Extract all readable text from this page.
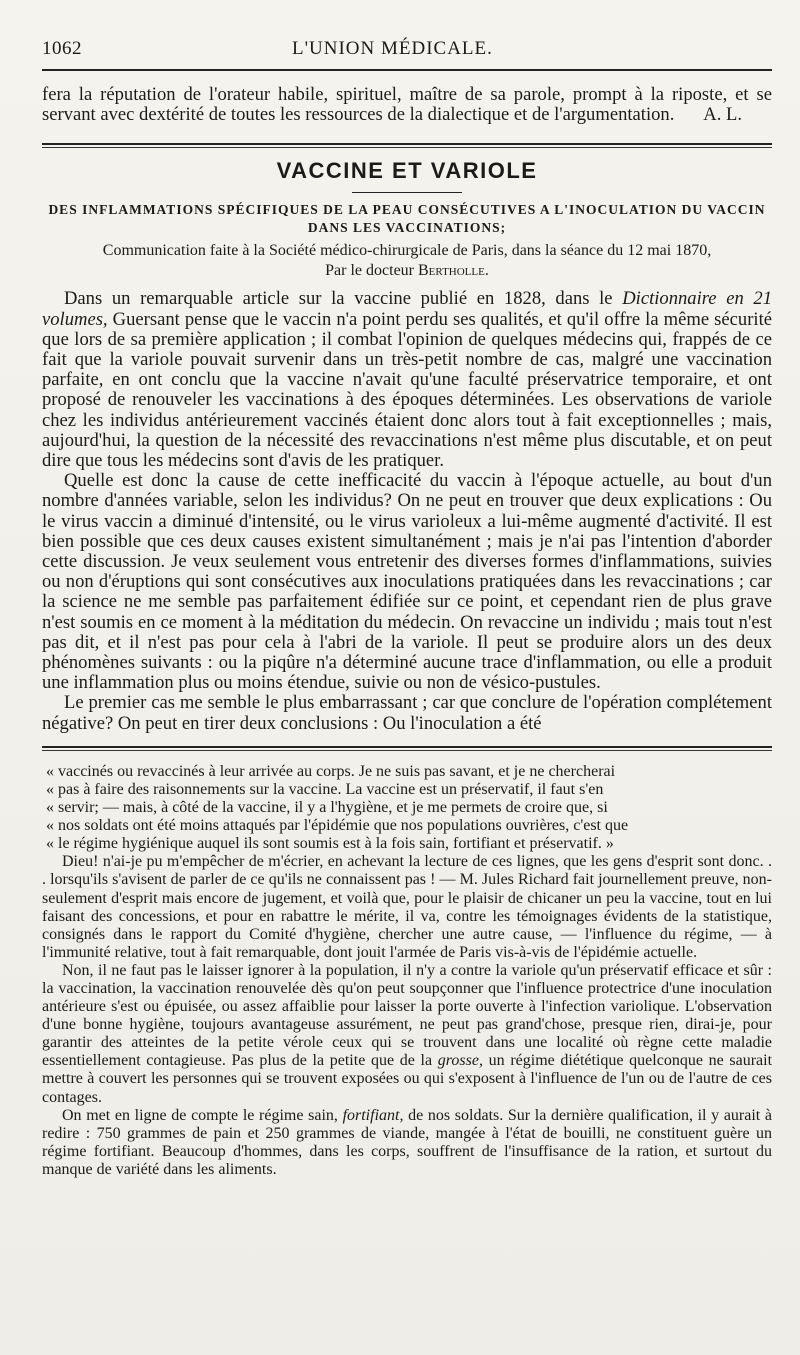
1062	L'UNION MÉDICALE.

fera la réputation de l'orateur habile, spirituel, maître de sa parole, prompt à la riposte, et se servant avec dextérité de toutes les ressources de la dialectique et de l'argumentation. A. L.

VACCINE ET VARIOLE
DES INFLAMMATIONS SPÉCIFIQUES DE LA PEAU CONSÉCUTIVES A L'INOCULATION DU VACCIN DANS LES VACCINATIONS;
Communication faite à la Société médico-chirurgicale de Paris, dans la séance du 12 mai 1870,
Par le docteur Bertholle.

Dans un remarquable article sur la vaccine publié en 1828, dans le Dictionnaire en 21 volumes, Guersant pense que le vaccin n'a point perdu ses qualités, et qu'il offre la même sécurité que lors de sa première application ; il combat l'opinion de quelques médecins qui, frappés de ce fait que la variole pouvait survenir dans un très-petit nombre de cas, malgré une vaccination parfaite, en ont conclu que la vaccine n'avait qu'une faculté préservatrice temporaire, et ont proposé de renouveler les vaccinations à des époques déterminées. Les observations de variole chez les individus antérieurement vaccinés étaient donc alors tout à fait exceptionnelles ; mais, aujourd'hui, la question de la nécessité des revaccinations n'est même plus discutable, et on peut dire que tous les médecins sont d'avis de les pratiquer.

Quelle est donc la cause de cette inefficacité du vaccin à l'époque actuelle, au bout d'un nombre d'années variable, selon les individus? On ne peut en trouver que deux explications : Ou le virus vaccin a diminué d'intensité, ou le virus varioleux a lui-même augmenté d'activité. Il est bien possible que ces deux causes existent simultanément ; mais je n'ai pas l'intention d'aborder cette discussion. Je veux seulement vous entretenir des diverses formes d'inflammations, suivies ou non d'éruptions qui sont consécutives aux inoculations pratiquées dans les revaccinations ; car la science ne me semble pas parfaitement édifiée sur ce point, et cependant rien de plus grave n'est soumis en ce moment à la méditation du médecin. On revaccine un individu ; mais tout n'est pas dit, et il n'est pas pour cela à l'abri de la variole. Il peut se produire alors un des deux phénomènes suivants : ou la piqûre n'a déterminé aucune trace d'inflammation, ou elle a produit une inflammation plus ou moins étendue, suivie ou non de vésico-pustules.

Le premier cas me semble le plus embarrassant ; car que conclure de l'opération complétement négative? On peut en tirer deux conclusions : Ou l'inoculation a été

« vaccinés ou revaccinés à leur arrivée au corps. Je ne suis pas savant, et je ne chercherai

« pas à faire des raisonnements sur la vaccine. La vaccine est un préservatif, il faut s'en

« servir; — mais, à côté de la vaccine, il y a l'hygiène, et je me permets de croire que, si

« nos soldats ont été moins attaqués par l'épidémie que nos populations ouvrières, c'est que

« le régime hygiénique auquel ils sont soumis est à la fois sain, fortifiant et préservatif. »

Dieu! n'ai-je pu m'empêcher de m'écrier, en achevant la lecture de ces lignes, que les gens d'esprit sont donc. . . lorsqu'ils s'avisent de parler de ce qu'ils ne connaissent pas ! — M. Jules Richard fait journellement preuve, non-seulement d'esprit mais encore de jugement, et voilà que, pour le plaisir de chicaner un peu la vaccine, tout en lui faisant des concessions, et pour en rabattre le mérite, il va, contre les témoignages évidents de la statistique, consignés dans le rapport du Comité d'hygiène, chercher une autre cause, — l'influence du régime, — à l'immunité relative, tout à fait remarquable, dont jouit l'armée de Paris vis-à-vis de l'épidémie actuelle.

Non, il ne faut pas le laisser ignorer à la population, il n'y a contre la variole qu'un préservatif efficace et sûr : la vaccination, la vaccination renouvelée dès qu'on peut soupçonner que l'influence protectrice d'une inoculation antérieure s'est ou épuisée, ou assez affaiblie pour laisser la porte ouverte à l'infection variolique. L'observation d'une bonne hygiène, toujours avantageuse assurément, ne peut pas grand'chose, presque rien, dirai-je, pour garantir des atteintes de la petite vérole ceux qui se trouvent dans une localité où règne cette maladie essentiellement contagieuse. Pas plus de la petite que de la grosse, un régime diététique quelconque ne saurait mettre à couvert les personnes qui se trouvent exposées ou qui s'exposent à l'influence de l'un ou de l'autre de ces contages.

On met en ligne de compte le régime sain, fortifiant, de nos soldats. Sur la dernière qualification, il y aurait à redire : 750 grammes de pain et 250 grammes de viande, mangée à l'état de bouilli, ne constituent guère un régime fortifiant. Beaucoup d'hommes, dans les corps, souffrent de l'insuffisance de la ration, et surtout du manque de variété dans les aliments.
